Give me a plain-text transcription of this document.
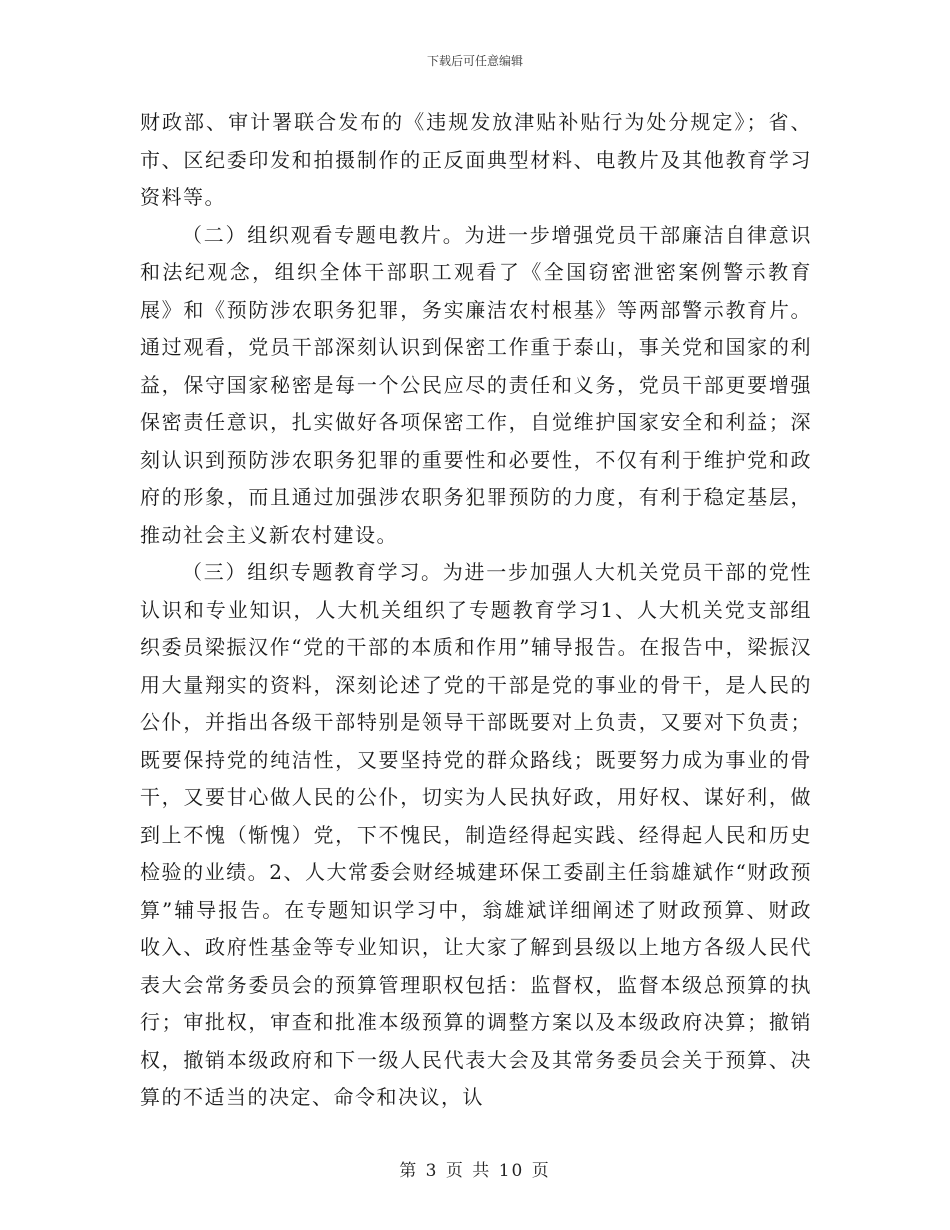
下载后可任意编辑

财政部、审计署联合发布的《违规发放津贴补贴行为处分规定》；省、市、区纪委印发和拍摄制作的正反面典型材料、电教片及其他教育学习资料等。

（二）组织观看专题电教片。为进一步增强党员干部廉洁自律意识和法纪观念，组织全体干部职工观看了《全国窃密泄密案例警示教育展》和《预防涉农职务犯罪，务实廉洁农村根基》等两部警示教育片。通过观看，党员干部深刻认识到保密工作重于泰山，事关党和国家的利益，保守国家秘密是每一个公民应尽的责任和义务，党员干部更要增强保密责任意识，扎实做好各项保密工作，自觉维护国家安全和利益；深刻认识到预防涉农职务犯罪的重要性和必要性，不仅有利于维护党和政府的形象，而且通过加强涉农职务犯罪预防的力度，有利于稳定基层，推动社会主义新农村建设。

（三）组织专题教育学习。为进一步加强人大机关党员干部的党性认识和专业知识，人大机关组织了专题教育学习1、人大机关党支部组织委员梁振汉作“党的干部的本质和作用”辅导报告。在报告中，梁振汉用大量翔实的资料，深刻论述了党的干部是党的事业的骨干，是人民的公仆，并指出各级干部特别是领导干部既要对上负责，又要对下负责；既要保持党的纯洁性，又要坚持党的群众路线；既要努力成为事业的骨干，又要甘心做人民的公仆，切实为人民执好政，用好权、谋好利，做到上不愧（惭愧）党，下不愧民，制造经得起实践、经得起人民和历史检验的业绩。2、人大常委会财经城建环保工委副主任翁雄斌作“财政预算”辅导报告。在专题知识学习中，翁雄斌详细阐述了财政预算、财政收入、政府性基金等专业知识，让大家了解到县级以上地方各级人民代表大会常务委员会的预算管理职权包括：监督权，监督本级总预算的执行；审批权，审查和批准本级预算的调整方案以及本级政府决算；撤销权，撤销本级政府和下一级人民代表大会及其常务委员会关于预算、决算的不适当的决定、命令和决议，认

第 3 页 共 10 页
